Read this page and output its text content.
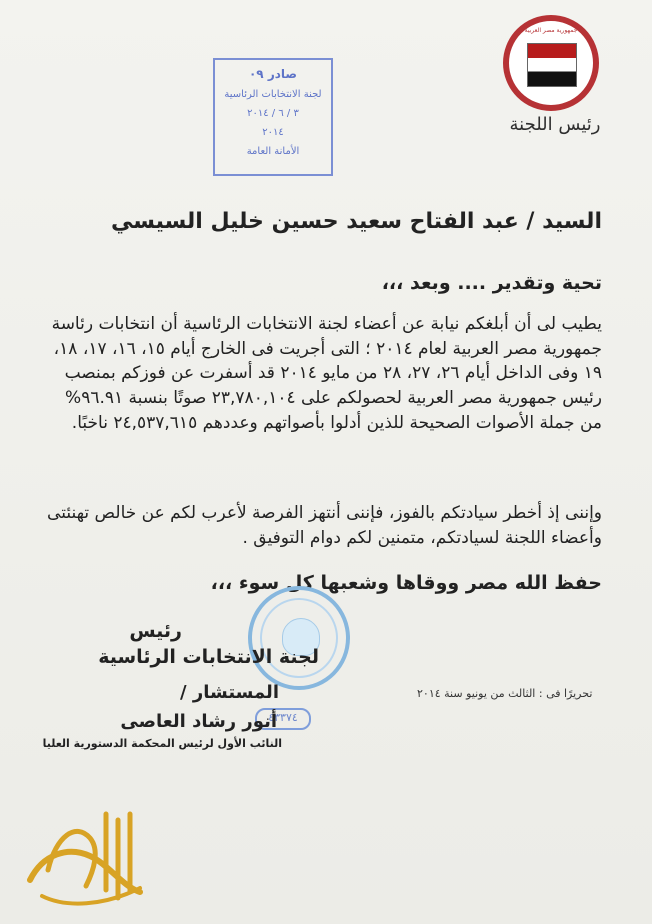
صادر ٠٩
لجنة الانتخابات الرئاسية
٣ / ٦ / ٢٠١٤
٢٠١٤
الأمانة العامة
جمهورية مصر العربية
رئيس اللجنة
السيد / عبد الفتاح سعيد حسين خليل السيسي
تحية وتقدير .... وبعد ،،،
يطيب لى أن أبلغكم نيابة عن أعضاء لجنة الانتخابات الرئاسية أن انتخابات رئاسة جمهورية مصر العربية لعام ٢٠١٤ ؛ التى أجريت فى الخارج أيام ١٥، ١٦، ١٧، ١٨، ١٩ وفى الداخل أيام ٢٦، ٢٧، ٢٨ من مايو ٢٠١٤ قد أسفرت عن فوزكم بمنصب رئيس جمهورية مصر العربية لحصولكم على ٢٣,٧٨٠,١٠٤ صوتًا بنسبة ٩٦.٩١% من جملة الأصوات الصحيحة للذين أدلوا بأصواتهم وعددهم ٢٤,٥٣٧,٦١٥ ناخبًا.
وإننى إذ أخطر سيادتكم بالفوز، فإننى أنتهز الفرصة لأعرب لكم عن خالص تهنئتى وأعضاء اللجنة لسيادتكم، متمنين لكم دوام التوفيق .
حفظ الله مصر ووقاها وشعبها كل سوء ،،،
٤٣٣٧٤
رئيس
لجنة الانتخابات الرئاسية
المستشار /
أنور رشاد العاصى
النائب الأول لرئيس المحكمة الدستورية العليا
تحريرًا فى : الثالث من يونيو سنة ٢٠١٤
